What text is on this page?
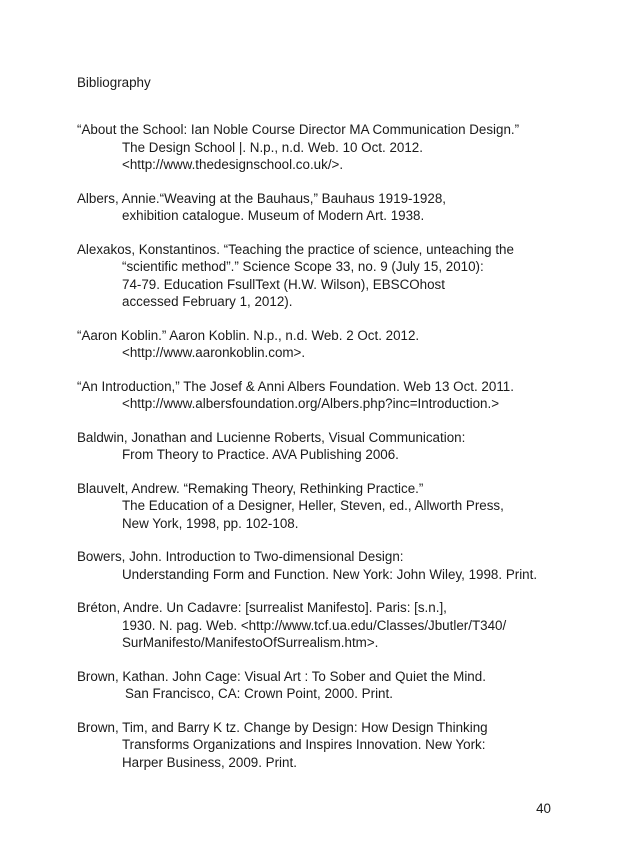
Bibliography
“About the School: Ian Noble Course Director MA Communication Design.”
The Design School |. N.p., n.d. Web. 10 Oct. 2012.
<http://www.thedesignschool.co.uk/>.
Albers, Annie.“Weaving at the Bauhaus,” Bauhaus 1919-1928,
exhibition catalogue. Museum of Modern Art. 1938.
Alexakos, Konstantinos. “Teaching the practice of science, unteaching the
“scientific method”.” Science Scope 33, no. 9 (July 15, 2010):
74-79. Education FsullText (H.W. Wilson), EBSCOhost
accessed February 1, 2012).
“Aaron Koblin.” Aaron Koblin. N.p., n.d. Web. 2 Oct. 2012.
<http://www.aaronkoblin.com>.
“An Introduction,” The Josef & Anni Albers Foundation. Web 13 Oct. 2011.
<http://www.albersfoundation.org/Albers.php?inc=Introduction.>
Baldwin, Jonathan and Lucienne Roberts, Visual Communication:
From Theory to Practice. AVA Publishing 2006.
Blauvelt, Andrew. “Remaking Theory, Rethinking Practice.”
The Education of a Designer, Heller, Steven, ed., Allworth Press,
New York, 1998, pp. 102-108.
Bowers, John. Introduction to Two-dimensional Design:
Understanding Form and Function. New York: John Wiley, 1998. Print.
Bréton, Andre. Un Cadavre: [surrealist Manifesto]. Paris: [s.n.],
1930. N. pag. Web. <http://www.tcf.ua.edu/Classes/Jbutler/T340/
SurManifesto/ManifestoOfSurrealism.htm>.
Brown, Kathan. John Cage: Visual Art : To Sober and Quiet the Mind.
San Francisco, CA: Crown Point, 2000. Print.
Brown, Tim, and Barry K tz. Change by Design: How Design Thinking
Transforms Organizations and Inspires Innovation. New York:
Harper Business, 2009. Print.
40
